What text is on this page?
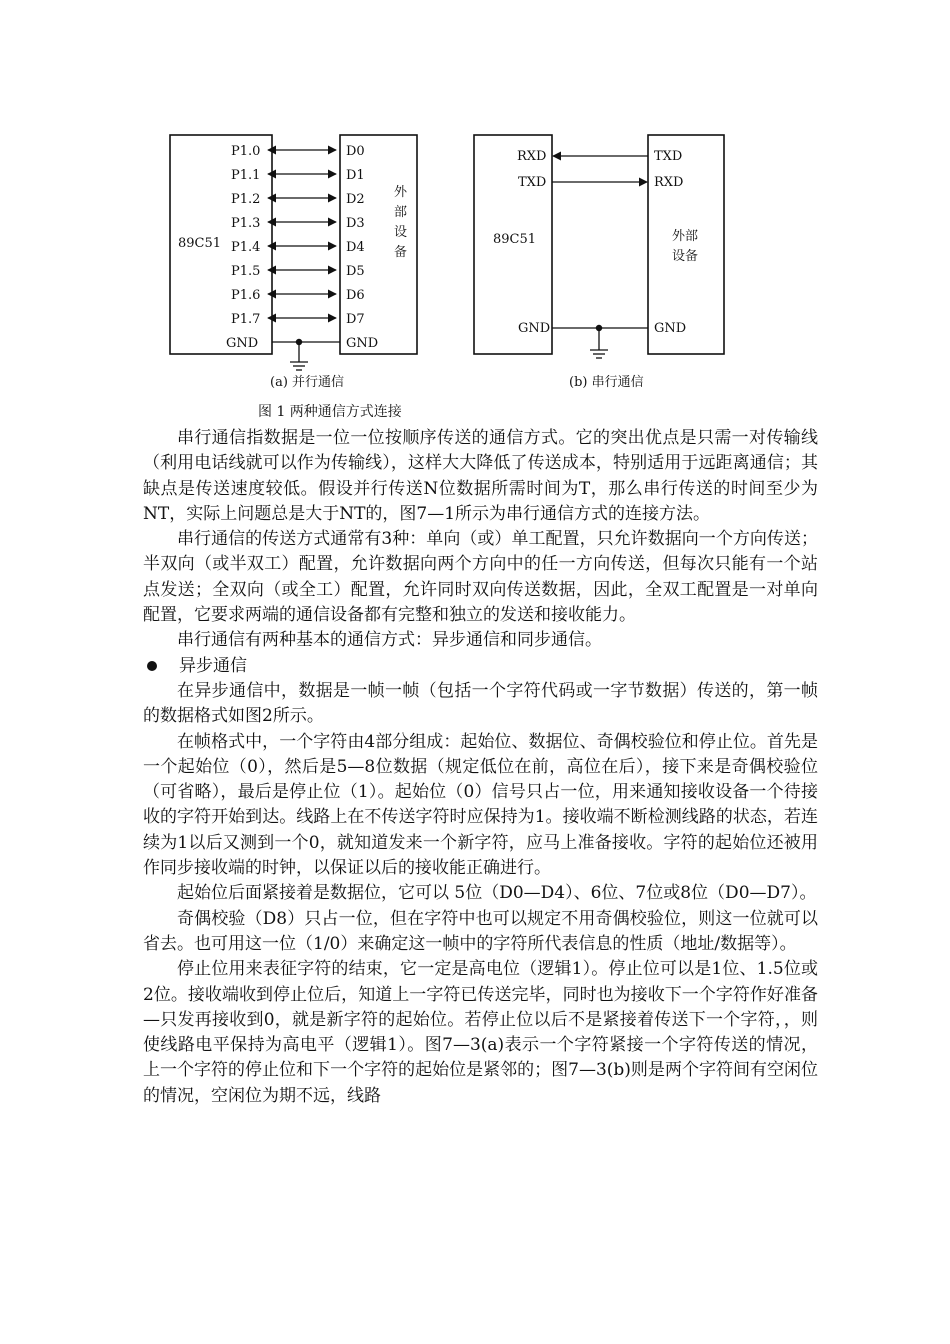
89C51
P1.0
P1.1
P1.2
P1.3
P1.4
P1.5
P1.6
P1.7
GND
D0
D1
D2
D3
D4
D5
D6
D7
GND
外
部
设
备
(a) 并行通信
89C51
RXD
TXD
GND
TXD
RXD
GND
外部
设备
(b) 串行通信
图 1 两种通信方式连接

串行通信指数据是一位一位按顺序传送的通信方式。它的突出优点是只需一对传输线（利用电话线就可以作为传输线），这样大大降低了传送成本，特别适用于远距离通信；其缺点是传送速度较低。假设并行传送N位数据所需时间为T，那么串行传送的时间至少为NT，实际上问题总是大于NT的，图7—1所示为串行通信方式的连接方法。

串行通信的传送方式通常有3种：单向（或）单工配置，只允许数据向一个方向传送；半双向（或半双工）配置，允许数据向两个方向中的任一方向传送，但每次只能有一个站点发送；全双向（或全工）配置，允许同时双向传送数据，因此，全双工配置是一对单向配置，它要求两端的通信设备都有完整和独立的发送和接收能力。

串行通信有两种基本的通信方式：异步通信和同步通信。

异步通信

在异步通信中，数据是一帧一帧（包括一个字符代码或一字节数据）传送的，第一帧的数据格式如图2所示。

在帧格式中，一个字符由4部分组成：起始位、数据位、奇偶校验位和停止位。首先是一个起始位（0），然后是5—8位数据（规定低位在前，高位在后），接下来是奇偶校验位（可省略），最后是停止位（1）。起始位（0）信号只占一位，用来通知接收设备一个待接收的字符开始到达。线路上在不传送字符时应保持为1。接收端不断检测线路的状态，若连续为1以后又测到一个0，就知道发来一个新字符，应马上准备接收。字符的起始位还被用作同步接收端的时钟，以保证以后的接收能正确进行。

起始位后面紧接着是数据位，它可以 5位（D0—D4）、6位、7位或8位（D0—D7）。

奇偶校验（D8）只占一位，但在字符中也可以规定不用奇偶校验位，则这一位就可以省去。也可用这一位（1/0）来确定这一帧中的字符所代表信息的性质（地址/数据等）。

停止位用来表征字符的结束，它一定是高电位（逻辑1）。停止位可以是1位、1.5位或2位。接收端收到停止位后，知道上一字符已传送完毕，同时也为接收下一个字符作好准备—只发再接收到0，就是新字符的起始位。若停止位以后不是紧接着传送下一个字符，，则使线路电平保持为高电平（逻辑1）。图7—3(a)表示一个字符紧接一个字符传送的情况，上一个字符的停止位和下一个字符的起始位是紧邻的；图7—3(b)则是两个字符间有空闲位的情况，空闲位为期不远，线路
